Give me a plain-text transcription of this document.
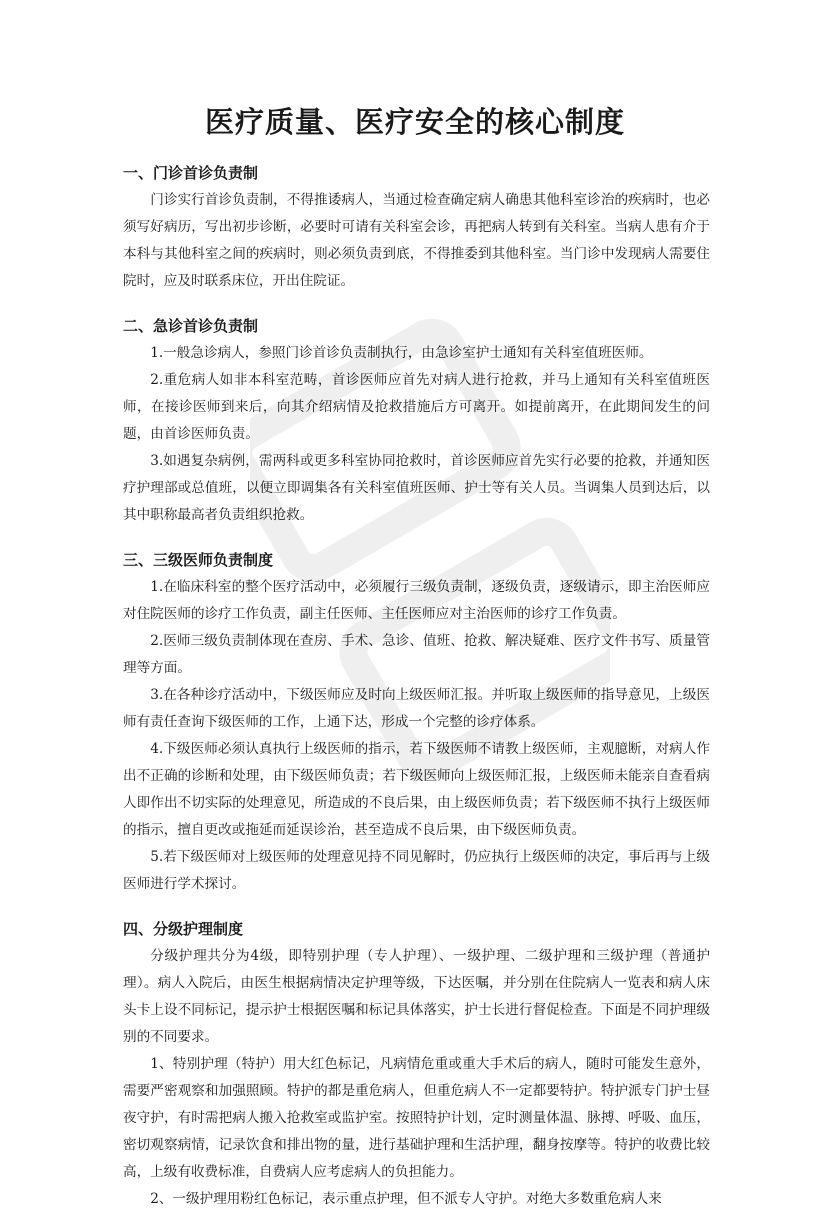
医疗质量、医疗安全的核心制度
一、门诊首诊负责制

门诊实行首诊负责制，不得推诿病人，当通过检查确定病人确患其他科室诊治的疾病时，也必须写好病历，写出初步诊断，必要时可请有关科室会诊，再把病人转到有关科室。当病人患有介于本科与其他科室之间的疾病时，则必须负责到底，不得推委到其他科室。当门诊中发现病人需要住院时，应及时联系床位，开出住院证。

二、急诊首诊负责制

1.一般急诊病人，参照门诊首诊负责制执行，由急诊室护士通知有关科室值班医师。

2.重危病人如非本科室范畴，首诊医师应首先对病人进行抢救，并马上通知有关科室值班医师，在接诊医师到来后，向其介绍病情及抢救措施后方可离开。如提前离开，在此期间发生的问题，由首诊医师负责。

3.如遇复杂病例，需两科或更多科室协同抢救时，首诊医师应首先实行必要的抢救，并通知医疗护理部或总值班，以便立即调集各有关科室值班医师、护士等有关人员。当调集人员到达后，以其中职称最高者负责组织抢救。

三、三级医师负责制度

1.在临床科室的整个医疗活动中，必须履行三级负责制，逐级负责，逐级请示，即主治医师应对住院医师的诊疗工作负责，副主任医师、主任医师应对主治医师的诊疗工作负责。

2.医师三级负责制体现在查房、手术、急诊、值班、抢救、解决疑难、医疗文件书写、质量管理等方面。

3.在各种诊疗活动中，下级医师应及时向上级医师汇报。并听取上级医师的指导意见，上级医师有责任查询下级医师的工作，上通下达，形成一个完整的诊疗体系。

4.下级医师必须认真执行上级医师的指示，若下级医师不请教上级医师，主观臆断，对病人作出不正确的诊断和处理，由下级医师负责；若下级医师向上级医师汇报，上级医师未能亲自查看病人即作出不切实际的处理意见，所造成的不良后果，由上级医师负责；若下级医师不执行上级医师的指示，擅自更改或拖延而延误诊治，甚至造成不良后果，由下级医师负责。

5.若下级医师对上级医师的处理意见持不同见解时，仍应执行上级医师的决定，事后再与上级医师进行学术探讨。

四、分级护理制度

分级护理共分为4级，即特别护理（专人护理）、一级护理、二级护理和三级护理（普通护理）。病人入院后，由医生根据病情决定护理等级，下达医嘱，并分别在住院病人一览表和病人床头卡上设不同标记，提示护士根据医嘱和标记具体落实，护士长进行督促检查。下面是不同护理级别的不同要求。

1、特别护理（特护）用大红色标记，凡病情危重或重大手术后的病人，随时可能发生意外，需要严密观察和加强照顾。特护的都是重危病人，但重危病人不一定都要特护。特护派专门护士昼夜守护，有时需把病人搬入抢救室或监护室。按照特护计划，定时测量体温、脉搏、呼吸、血压，密切观察病情，记录饮食和排出物的量，进行基础护理和生活护理，翻身按摩等。特护的收费比较高，上级有收费标准，自费病人应考虑病人的负担能力。

2、一级护理用粉红色标记，表示重点护理，但不派专人守护。对绝大多数重危病人来
